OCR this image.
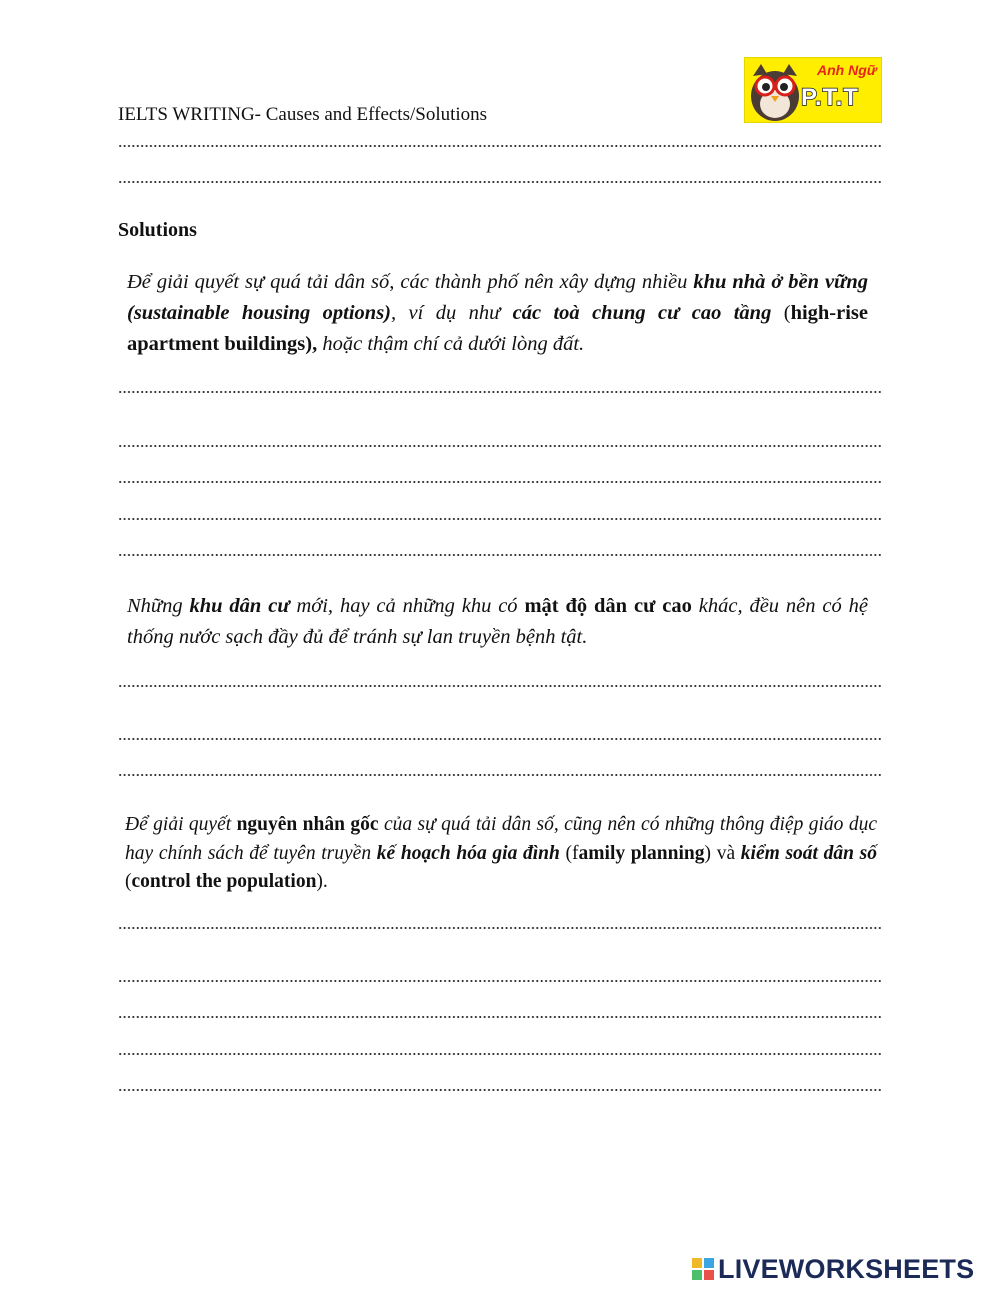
IELTS WRITING- Causes and Effects/Solutions
Anh Ngữ
P.T.T
Solutions
Để giải quyết sự quá tải dân số, các thành phố nên xây dựng nhiều khu nhà ở bền vững (sustainable housing options), ví dụ như các toà chung cư cao tầng (high-rise apartment buildings), hoặc thậm chí cả dưới lòng đất.
Những khu dân cư mới, hay cả những khu có mật độ dân cư cao khác, đều nên có hệ thống nước sạch đầy đủ để tránh sự lan truyền bệnh tật.
Để giải quyết nguyên nhân gốc của sự quá tải dân số, cũng nên có những thông điệp giáo dục hay chính sách để tuyên truyền kế hoạch hóa gia đình (family planning) và kiểm soát dân số (control the population).
LIVEWORKSHEETS
